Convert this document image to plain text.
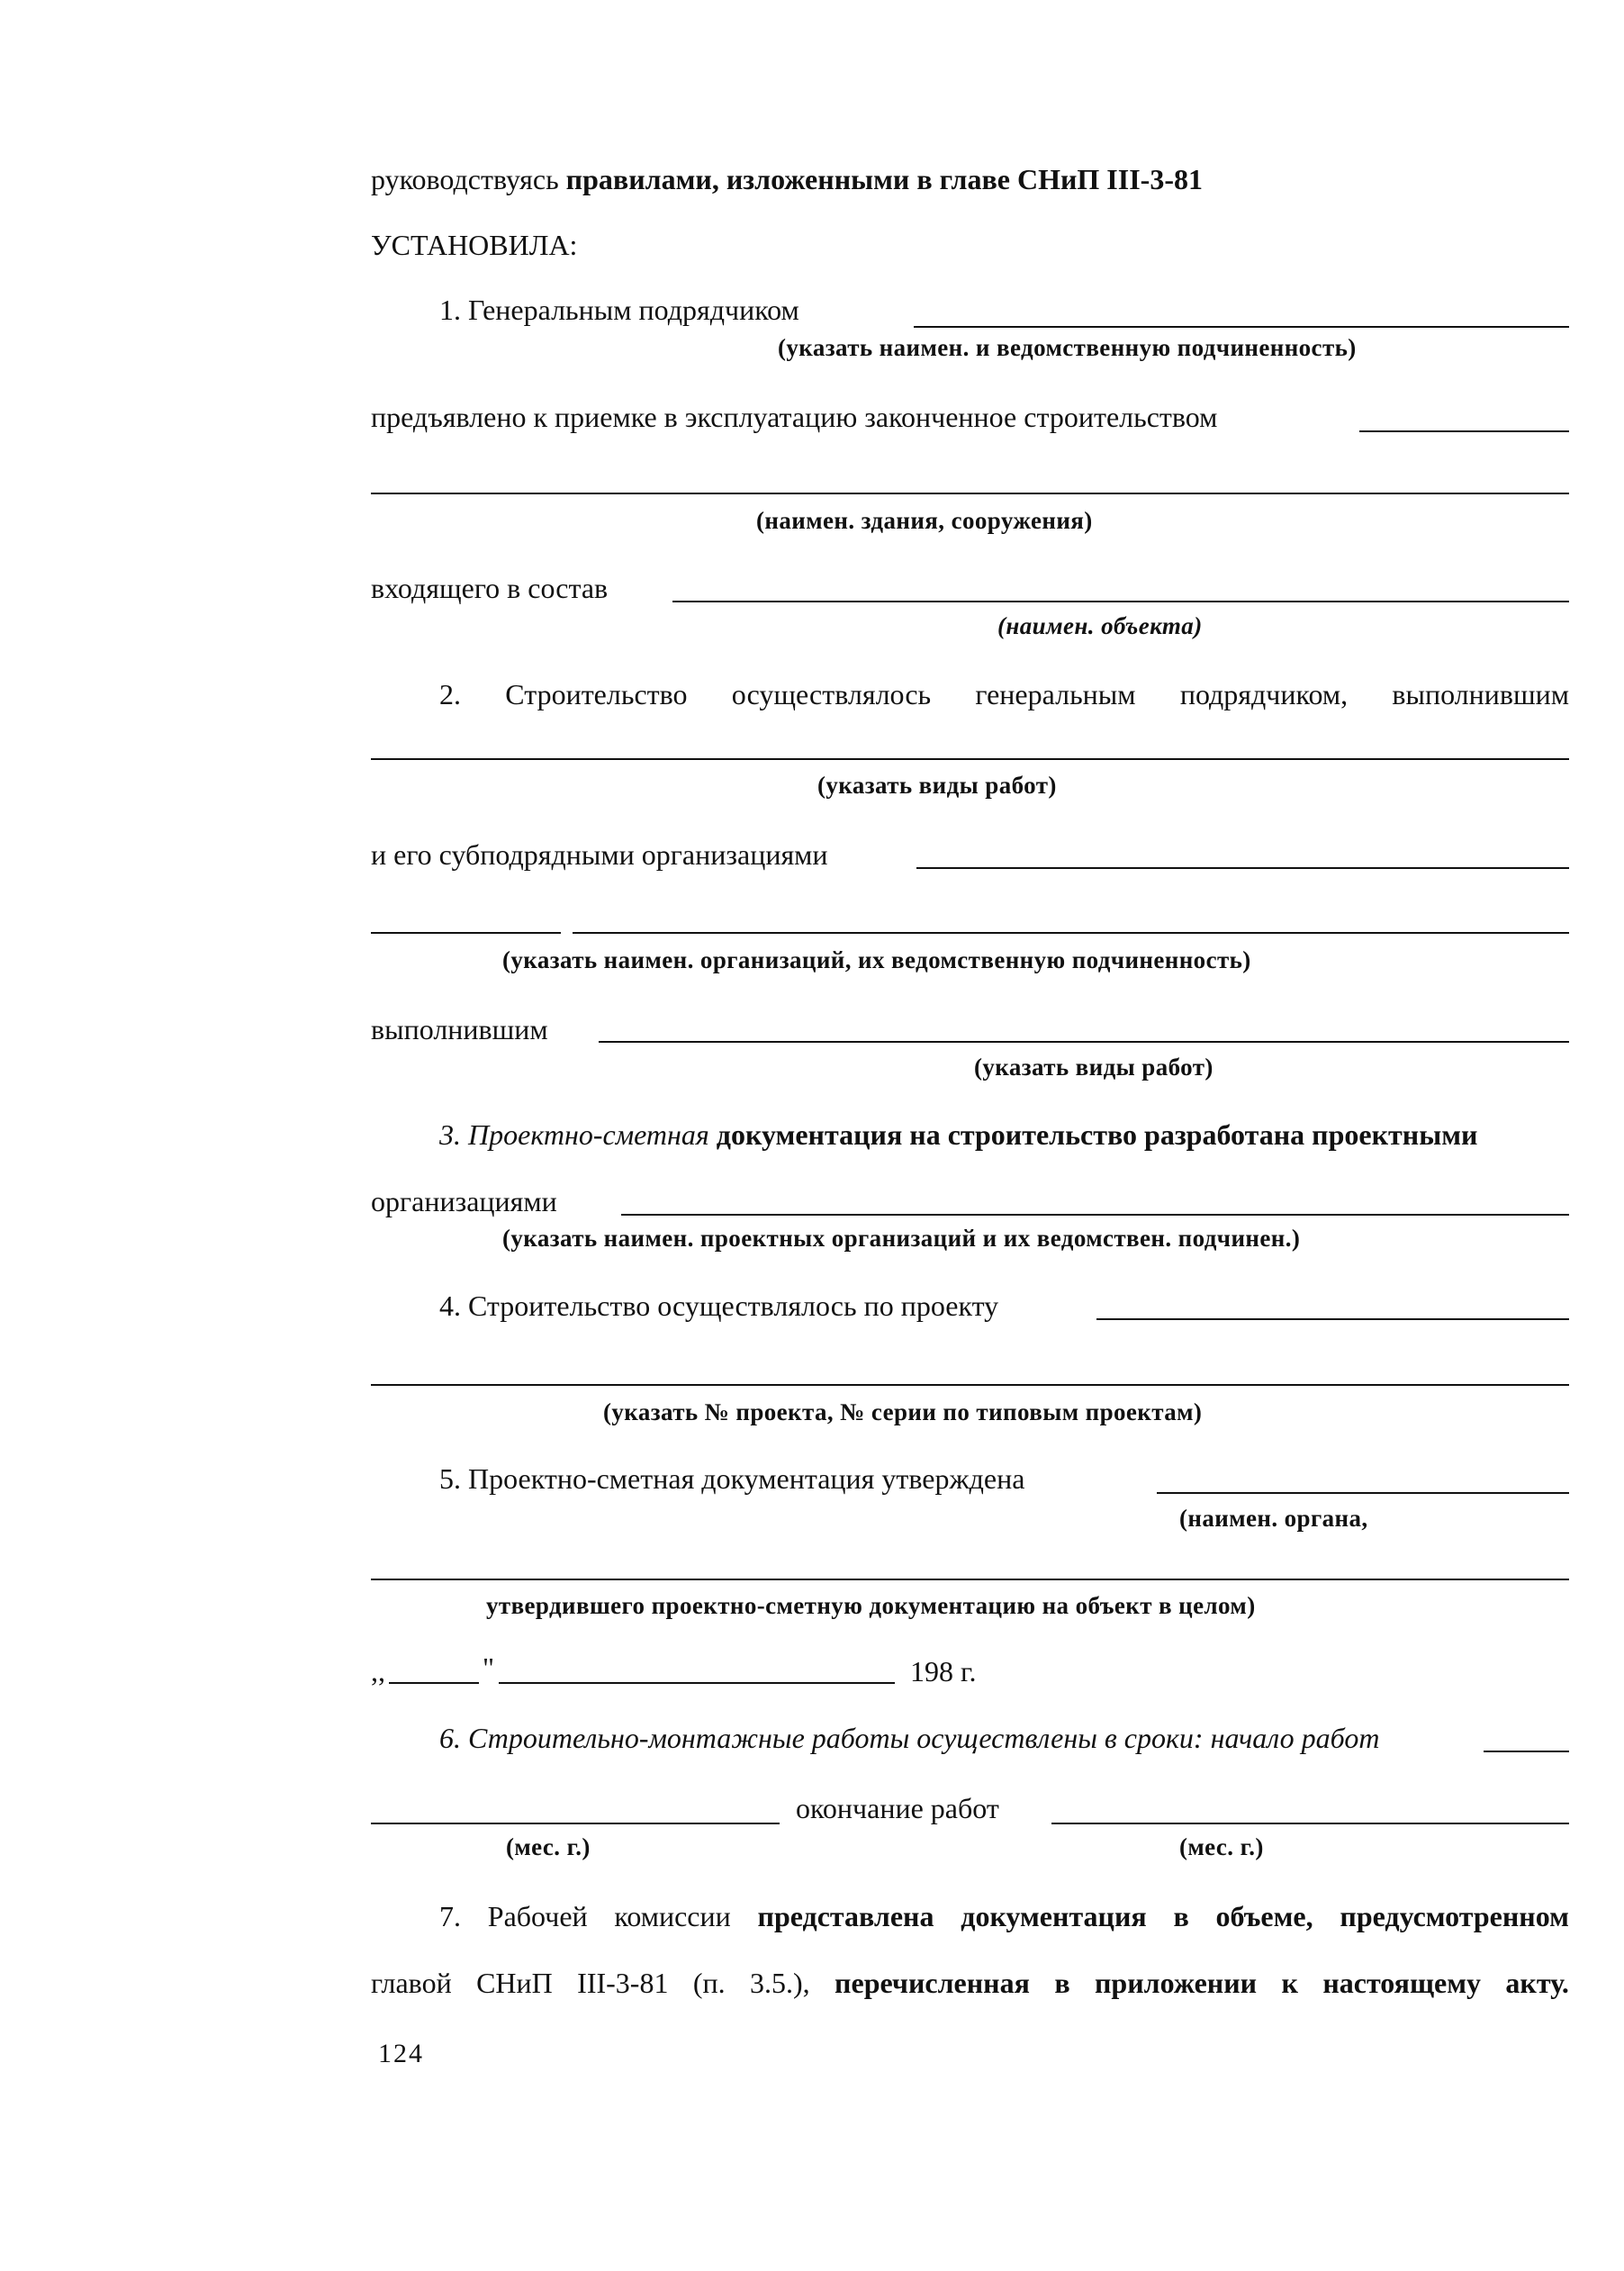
руководствуясь правилами, изложенными в главе СНиП III-3-81
УСТАНОВИЛА:
1. Генеральным подрядчиком
(указать наимен. и ведомственную подчиненность)
предъявлено к приемке в эксплуатацию законченное строительством
(наимен. здания, сооружения)
входящего в состав
(наимен. объекта)
2. Строительство осуществлялось генеральным подрядчиком, выполнившим
(указать виды работ)
и его субподрядными организациями
(указать наимен. организаций, их ведомственную подчиненность)
выполнившим
(указать виды работ)
3. Проектно-сметная документация на строительство разработана проектными
организациями
(указать наимен. проектных организаций и их ведомствен. подчинен.)
4. Строительство осуществлялось по проекту
(указать № проекта, № серии по типовым проектам)
5. Проектно-сметная документация утверждена
(наимен. органа,
утвердившего проектно-сметную документацию на объект в целом)
,,	"	198 г.
6. Строительно-монтажные работы осуществлены в сроки: начало работ
окончание работ
(мес. г.)	(мес. г.)
7. Рабочей комиссии представлена документация в объеме, предусмотренном
главой СНиП III-3-81 (п. 3.5.), перечисленная в приложении к настоящему акту.
124
